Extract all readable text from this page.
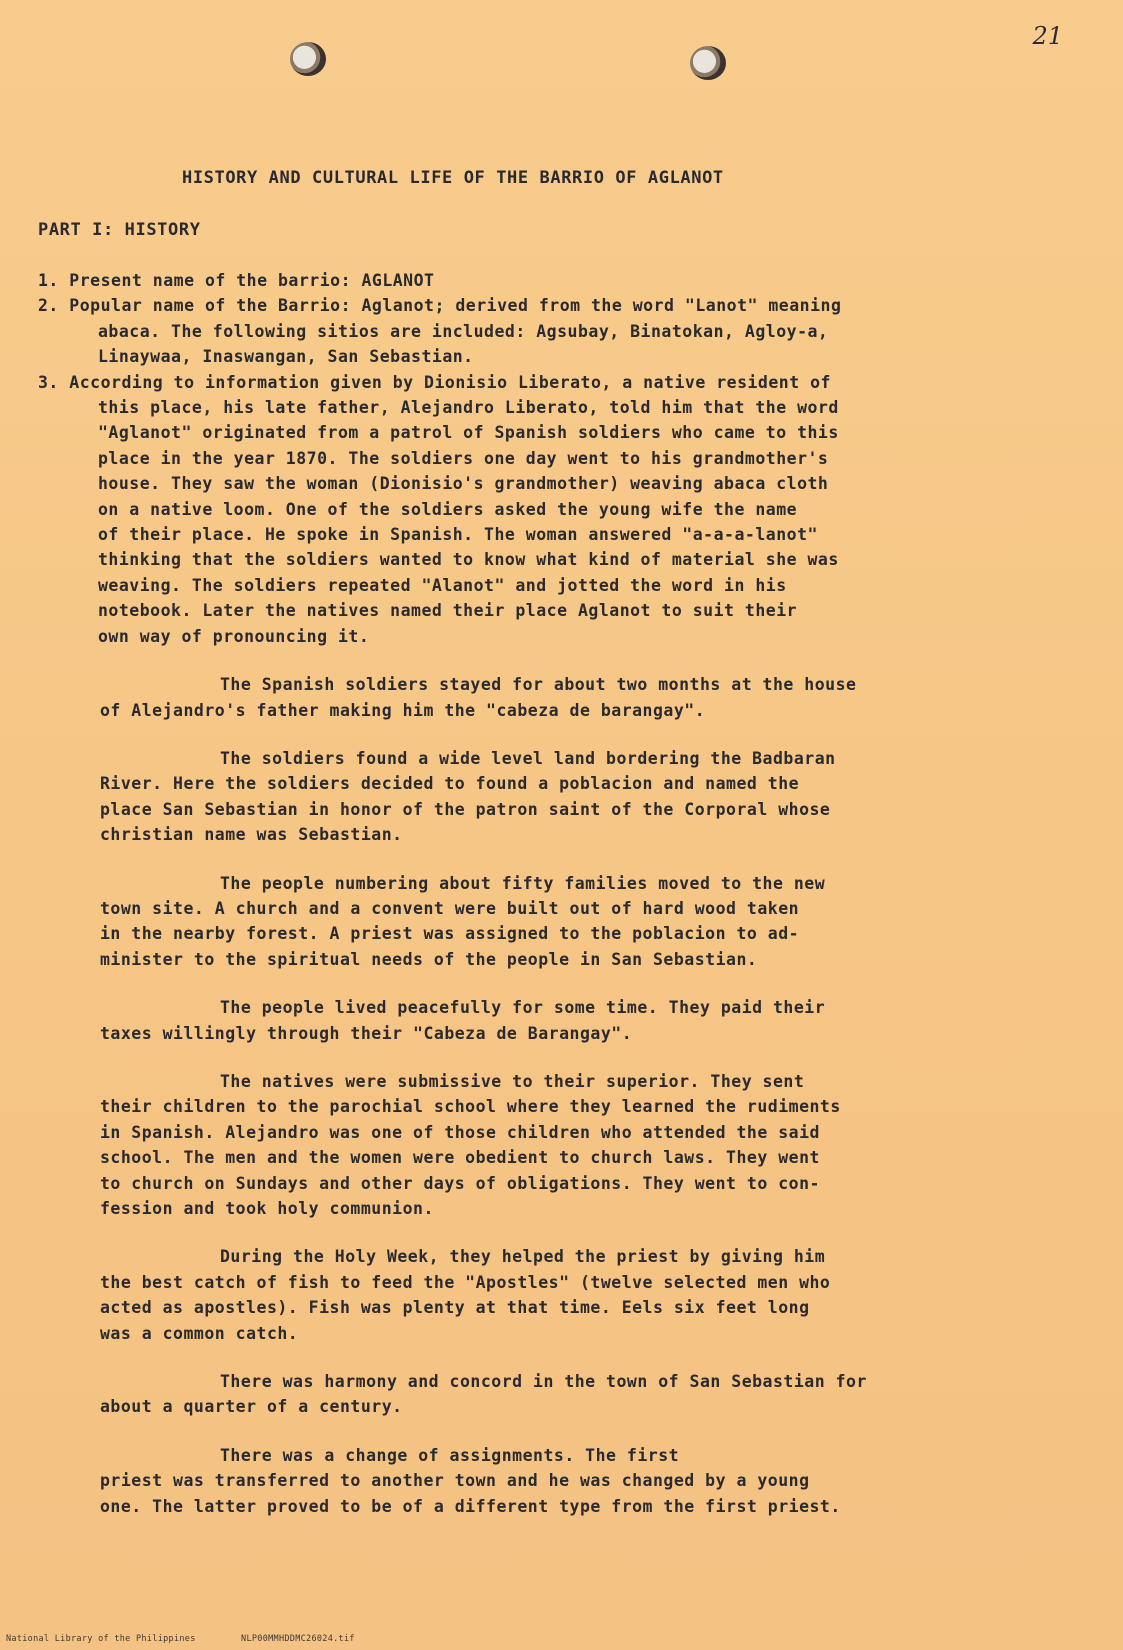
21
HISTORY AND CULTURAL LIFE OF THE BARRIO OF AGLANOT
PART I: HISTORY
1. Present name of the barrio: AGLANOT
2. Popular name of the Barrio: Aglanot; derived from the word "Lanot" meaning
abaca. The following sitios are included: Agsubay, Binatokan, Agloy-a,
Linaywaa, Inaswangan, San Sebastian.
3. According to information given by Dionisio Liberato, a native resident of
this place, his late father, Alejandro Liberato, told him that the word
"Aglanot" originated from a patrol of Spanish soldiers who came to this
place in the year 1870. The soldiers one day went to his grandmother's
house. They saw the woman (Dionisio's grandmother) weaving abaca cloth
on a native loom. One of the soldiers asked the young wife the name
of their place. He spoke in Spanish. The woman answered "a-a-a-lanot"
thinking that the soldiers wanted to know what kind of material she was
weaving. The soldiers repeated "Alanot" and jotted the word in his
notebook. Later the natives named their place Aglanot to suit their
own way of pronouncing it.
The Spanish soldiers stayed for about two months at the house
of Alejandro's father making him the "cabeza de barangay".
The soldiers found a wide level land bordering the Badbaran
River. Here the soldiers decided to found a poblacion and named the
place San Sebastian in honor of the patron saint of the Corporal whose
christian name was Sebastian.
The people numbering about fifty families moved to the new
town site. A church and a convent were built out of hard wood taken
in the nearby forest. A priest was assigned to the poblacion to ad-
minister to the spiritual needs of the people in San Sebastian.
The people lived peacefully for some time. They paid their
taxes willingly through their "Cabeza de Barangay".
The natives were submissive to their superior. They sent
their children to the parochial school where they learned the rudiments
in Spanish. Alejandro was one of those children who attended the said
school. The men and the women were obedient to church laws. They went
to church on Sundays and other days of obligations. They went to con-
fession and took holy communion.
During the Holy Week, they helped the priest by giving him
the best catch of fish to feed the "Apostles" (twelve selected men who
acted as apostles). Fish was plenty at that time. Eels six feet long
was a common catch.
There was harmony and concord in the town of San Sebastian for
about a quarter of a century.
There was a change of assignments. The first
priest was transferred to another town and he was changed by a young
one. The latter proved to be of a different type from the first priest.
National Library of the Philippines	NLP00MMHDDMC26024.tif
